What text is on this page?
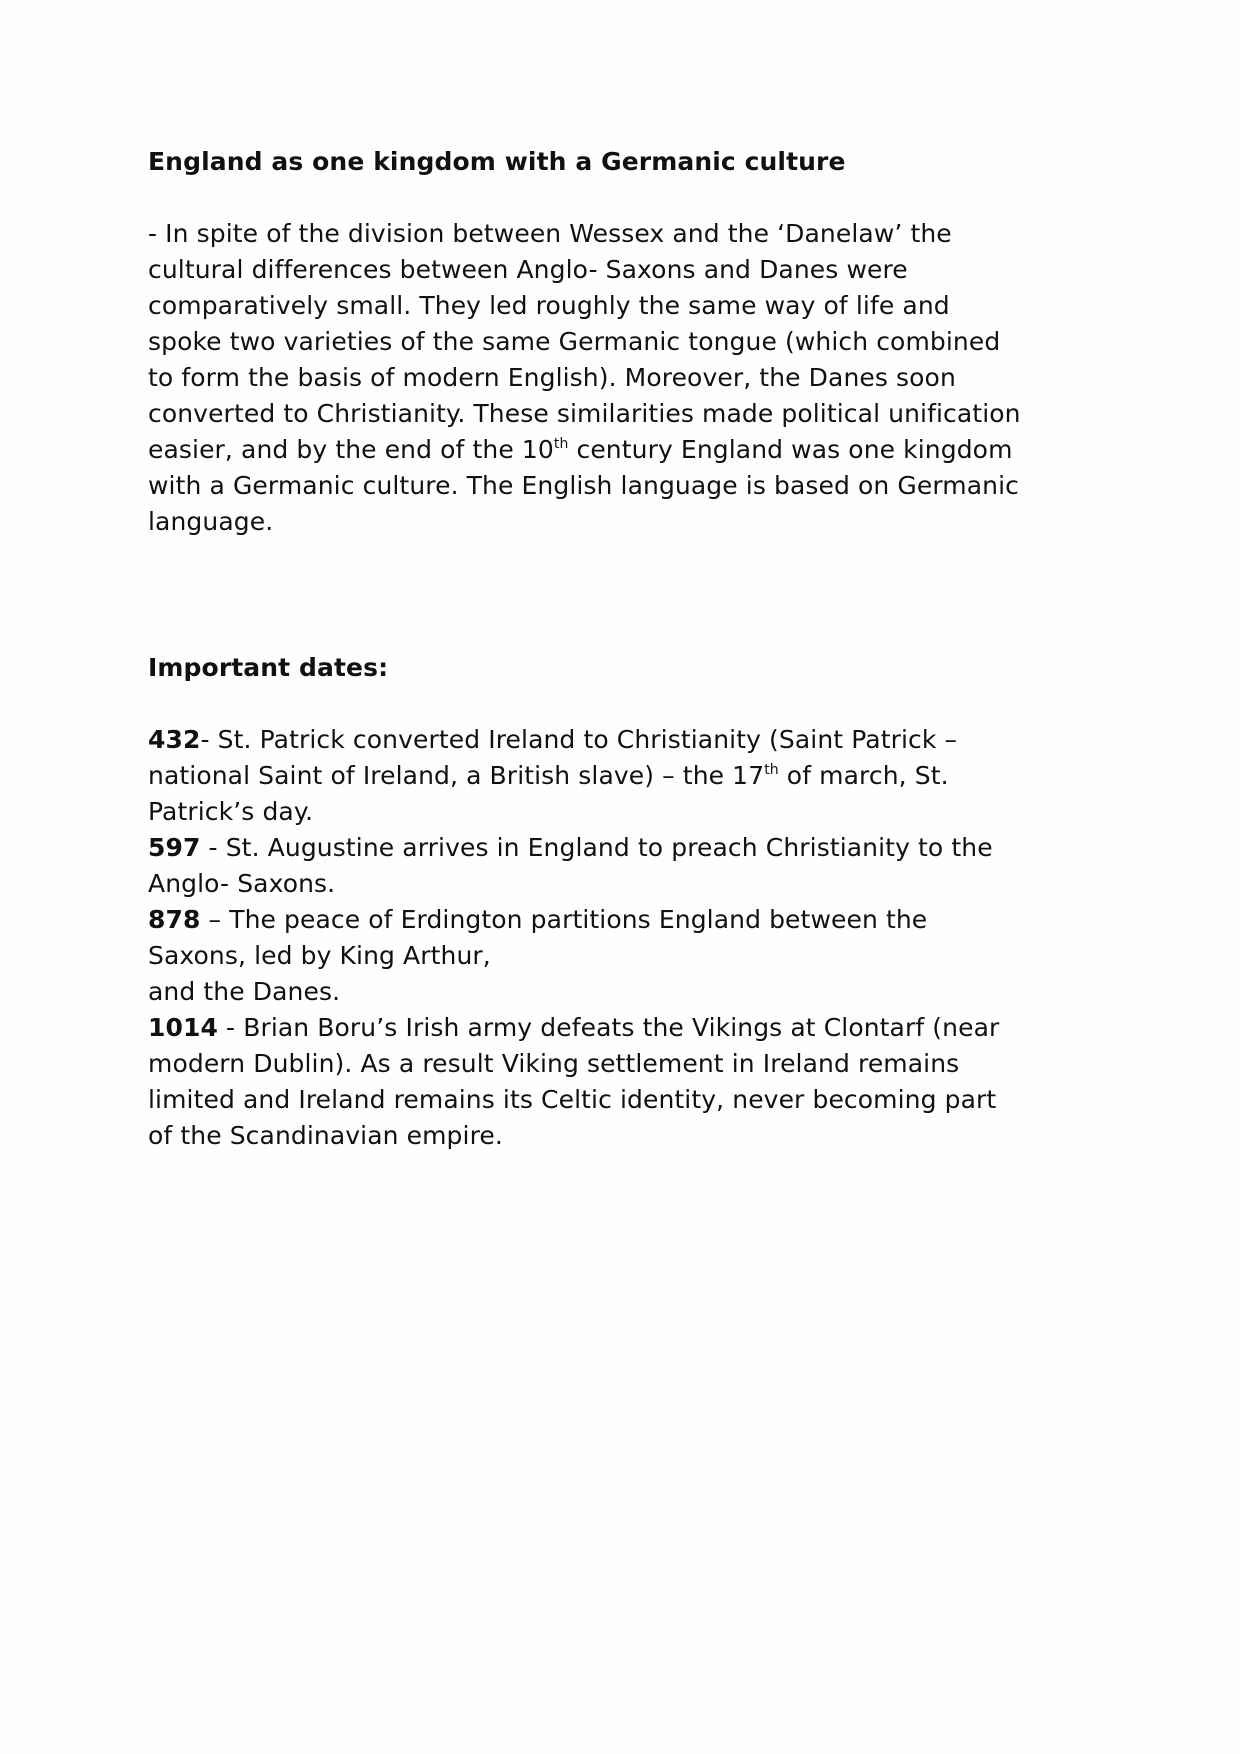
England as one kingdom with a Germanic culture
- In spite of the division between Wessex and the ‘Danelaw’ the
cultural differences between Anglo- Saxons and Danes were
comparatively small. They led roughly the same way of life and
spoke two varieties of the same Germanic tongue (which combined
to form the basis of modern English). Moreover, the Danes soon
converted to Christianity. These similarities made political unification
easier, and by the end of the 10th century England was one kingdom
with a Germanic culture. The English language is based on Germanic
language.
Important dates:
432- St. Patrick converted Ireland to Christianity (Saint Patrick –
national Saint of Ireland, a British slave) – the 17th of march, St.
Patrick’s day.
597 - St. Augustine arrives in England to preach Christianity to the
Anglo- Saxons.
878 – The peace of Erdington partitions England between the
Saxons, led by King Arthur,
and the Danes.
1014 - Brian Boru’s Irish army defeats the Vikings at Clontarf (near
modern Dublin). As a result Viking settlement in Ireland remains
limited and Ireland remains its Celtic identity, never becoming part
of the Scandinavian empire.
